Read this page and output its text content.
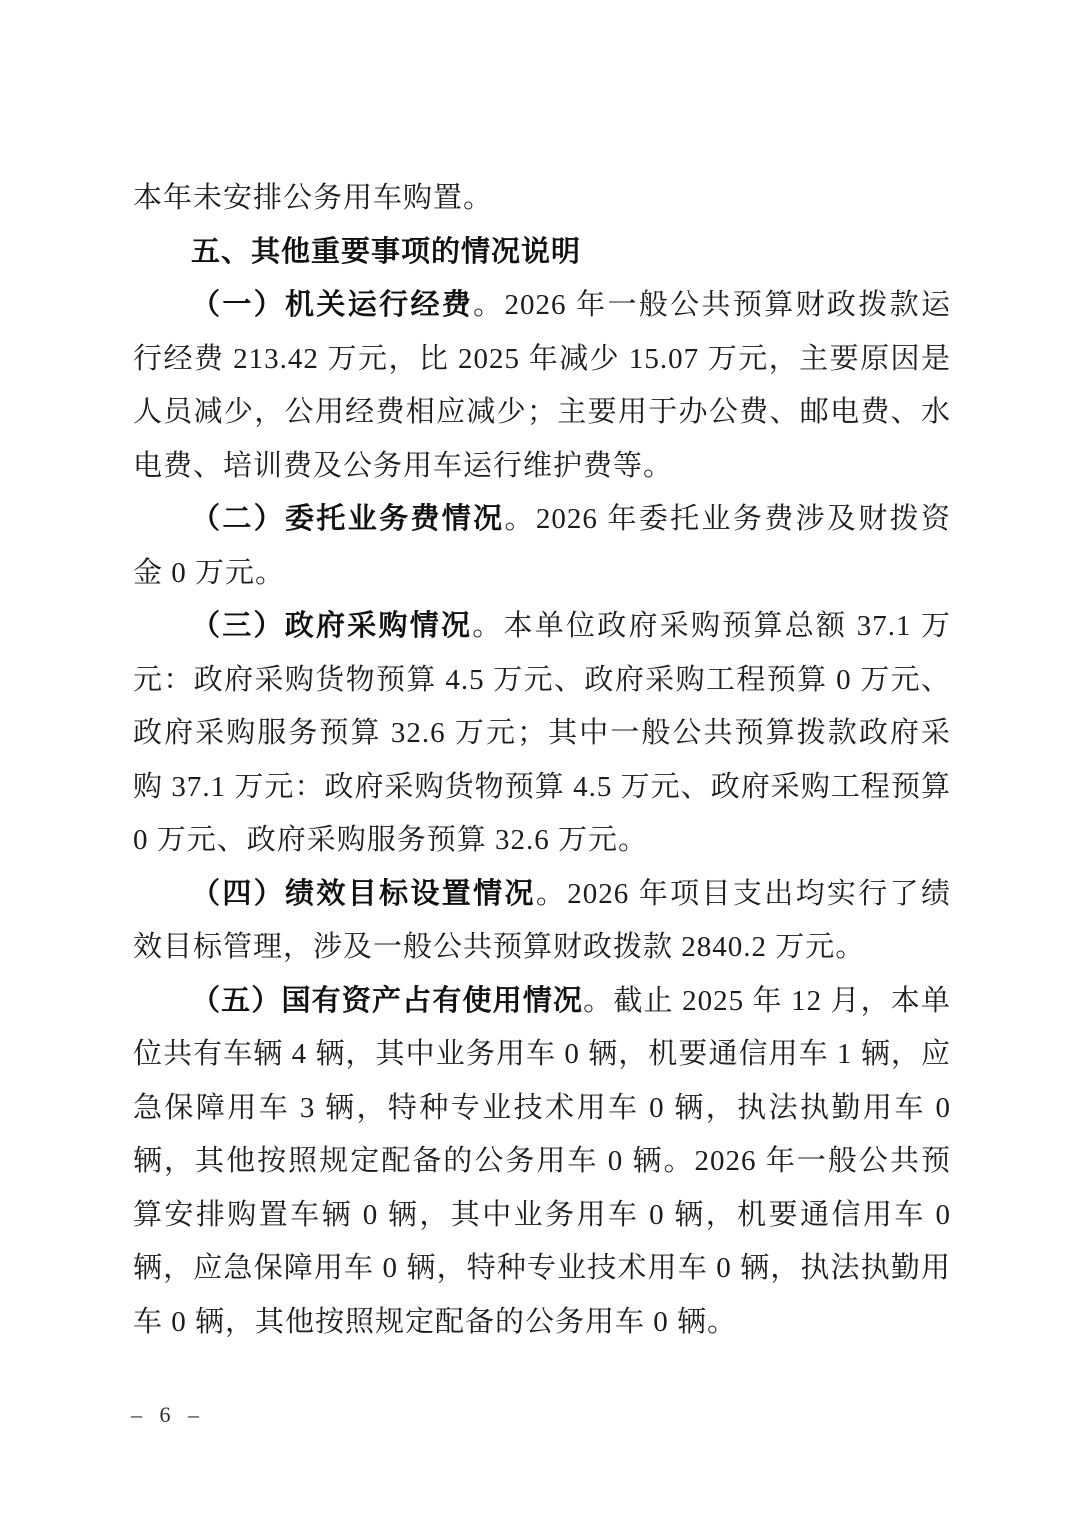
本年未安排公务用车购置。

五、其他重要事项的情况说明

（一）机关运行经费。2026 年一般公共预算财政拨款运行经费 213.42 万元，比 2025 年减少 15.07 万元，主要原因是人员减少，公用经费相应减少；主要用于办公费、邮电费、水电费、培训费及公务用车运行维护费等。

（二）委托业务费情况。2026 年委托业务费涉及财拨资金 0 万元。

（三）政府采购情况。本单位政府采购预算总额 37.1 万元：政府采购货物预算 4.5 万元、政府采购工程预算 0 万元、政府采购服务预算 32.6 万元；其中一般公共预算拨款政府采购 37.1 万元：政府采购货物预算 4.5 万元、政府采购工程预算 0 万元、政府采购服务预算 32.6 万元。

（四）绩效目标设置情况。2026 年项目支出均实行了绩效目标管理，涉及一般公共预算财政拨款 2840.2 万元。

（五）国有资产占有使用情况。截止 2025 年 12 月，本单位共有车辆 4 辆，其中业务用车 0 辆，机要通信用车 1 辆，应急保障用车 3 辆，特种专业技术用车 0 辆，执法执勤用车 0 辆，其他按照规定配备的公务用车 0 辆。2026 年一般公共预算安排购置车辆 0 辆，其中业务用车 0 辆，机要通信用车 0 辆，应急保障用车 0 辆，特种专业技术用车 0 辆，执法执勤用车 0 辆，其他按照规定配备的公务用车 0 辆。

– 6 –
